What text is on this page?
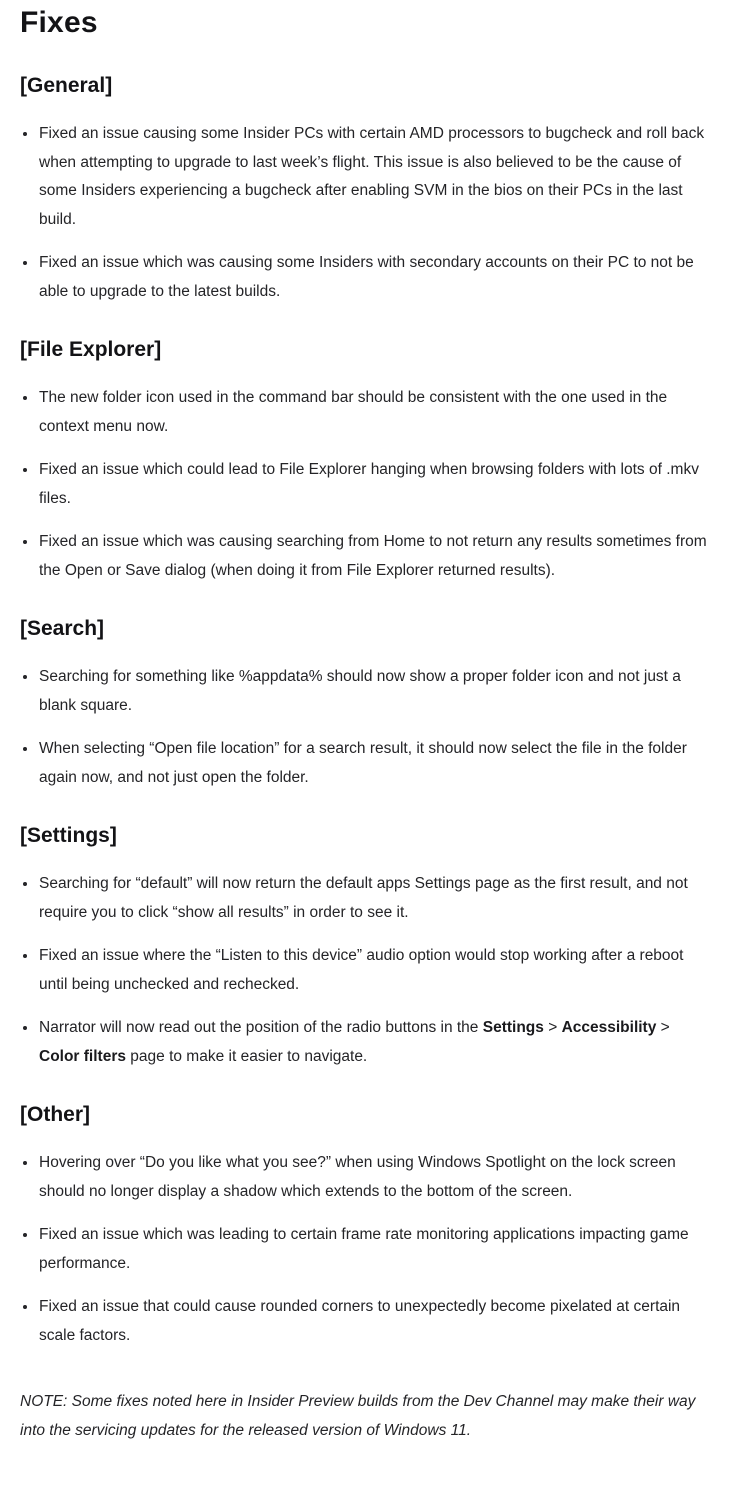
Fixes
[General]
• Fixed an issue causing some Insider PCs with certain AMD processors to bugcheck and roll back when attempting to upgrade to last week’s flight. This issue is also believed to be the cause of some Insiders experiencing a bugcheck after enabling SVM in the bios on their PCs in the last build.
• Fixed an issue which was causing some Insiders with secondary accounts on their PC to not be able to upgrade to the latest builds.
[File Explorer]
• The new folder icon used in the command bar should be consistent with the one used in the context menu now.
• Fixed an issue which could lead to File Explorer hanging when browsing folders with lots of .mkv files.
• Fixed an issue which was causing searching from Home to not return any results sometimes from the Open or Save dialog (when doing it from File Explorer returned results).
[Search]
• Searching for something like %appdata% should now show a proper folder icon and not just a blank square.
• When selecting “Open file location” for a search result, it should now select the file in the folder again now, and not just open the folder.
[Settings]
• Searching for “default” will now return the default apps Settings page as the first result, and not require you to click “show all results” in order to see it.
• Fixed an issue where the “Listen to this device” audio option would stop working after a reboot until being unchecked and rechecked.
• Narrator will now read out the position of the radio buttons in the Settings > Accessibility > Color filters page to make it easier to navigate.
[Other]
• Hovering over “Do you like what you see?” when using Windows Spotlight on the lock screen should no longer display a shadow which extends to the bottom of the screen.
• Fixed an issue which was leading to certain frame rate monitoring applications impacting game performance.
• Fixed an issue that could cause rounded corners to unexpectedly become pixelated at certain scale factors.

NOTE: Some fixes noted here in Insider Preview builds from the Dev Channel may make their way into the servicing updates for the released version of Windows 11.
